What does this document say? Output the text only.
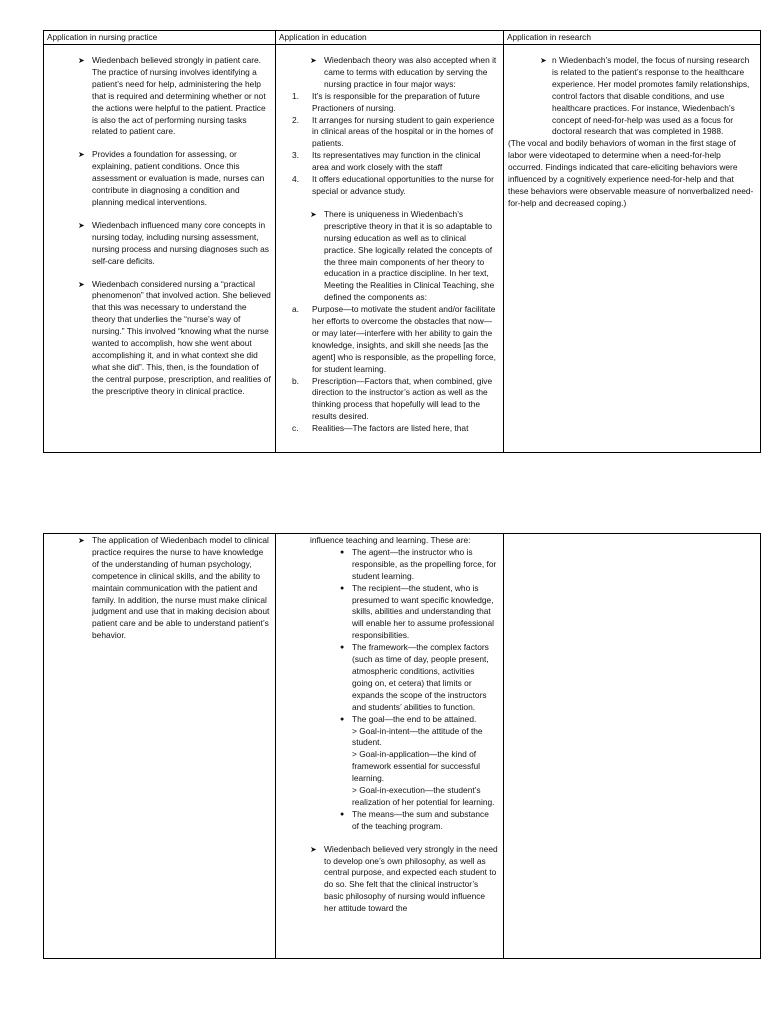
Application in nursing practice	Application in education	Application in research
➤ Wiedenbach believed strongly in patient care. The practice of nursing involves identifying a patient’s need for help, administering the help that is required and determining whether or not the actions were helpful to the patient. Practice is also the act of performing nursing tasks related to patient care.
➤ Provides a foundation for assessing, or explaining, patient conditions. Once this assessment or evaluation is made, nurses can contribute in diagnosing a condition and planning medical interventions.
➤ Wiedenbach influenced many core concepts in nursing today, including nursing assessment, nursing process and nursing diagnoses such as self-care deficits.
➤ Wiedenbach considered nursing a “practical phenomenon” that involved action. She believed that this was necessary to understand the theory that underlies the “nurse’s way of nursing.” This involved “knowing what the nurse wanted to accomplish, how she went about accomplishing it, and in what context she did what she did”. This, then, is the foundation of the central purpose, prescription, and realities of the prescriptive theory in clinical practice.
➤ Wiedenbach theory was also accepted when it came to terms with education by serving the nursing practice in four major ways:
1. It’s is responsible for the preparation of future Practioners of nursing.
2. It arranges for nursing student to gain experience in clinical areas of the hospital or in the homes of patients.
3. Its representatives may function in the clinical area and work closely with the staff
4. It offers educational opportunities to the nurse for special or advance study.
➤ There is uniqueness in Wiedenbach’s prescriptive theory in that it is so adaptable to nursing education as well as to clinical practice. She logically related the concepts of the three main components of her theory to education in a practice discipline. In her text, Meeting the Realities in Clinical Teaching, she defined the components as:
a. Purpose—to motivate the student and/or facilitate her efforts to overcome the obstacles that now—or may later—interfere with her ability to gain the knowledge, insights, and skill she needs [as the agent] who is responsible, as the propelling force, for student learning.
b. Prescription—Factors that, when combined, give direction to the instructor’s action as well as the thinking process that hopefully will lead to the results desired.
c. Realities—The factors are listed here, that
➤ n Wiedenbach’s model, the focus of nursing research is related to the patient’s response to the healthcare experience. Her model promotes family relationships, control factors that disable conditions, and use healthcare practices. For instance, Wiedenbach’s concept of need-for-help was used as a focus for doctoral research that was completed in 1988.
(The vocal and bodily behaviors of woman in the first stage of labor were videotaped to determine when a need-for-help occurred. Findings indicated that care-eliciting behaviors were influenced by a cognitively experience need-for-help and that these behaviors were observable measure of nonverbalized need-for-help and decreased coping.)
➤ The application of Wiedenbach model to clinical practice requires the nurse to have knowledge of the understanding of human psychology, competence in clinical skills, and the ability to maintain communication with the patient and family. In addition, the nurse must make clinical judgment and use that in making decision about patient care and be able to understand patient’s behavior.
influence teaching and learning. These are:
● The agent—the instructor who is responsible, as the propelling force, for student learning.
● The recipient—the student, who is presumed to want specific knowledge, skills, abilities and understanding that will enable her to assume professional responsibilities.
● The framework—the complex factors (such as time of day, people present, atmospheric conditions, activities going on, et cetera) that limits or expands the scope of the instructors and students’ abilities to function.
● The goal—the end to be attained.
> Goal-in-intent—the attitude of the student.
> Goal-in-application—the kind of framework essential for successful learning.
> Goal-in-execution—the student’s realization of her potential for learning.
● The means—the sum and substance of the teaching program.
➤ Wiedenbach believed very strongly in the need to develop one’s own philosophy, as well as central purpose, and expected each student to do so. She felt that the clinical instructor’s basic philosophy of nursing would influence her attitude toward the
